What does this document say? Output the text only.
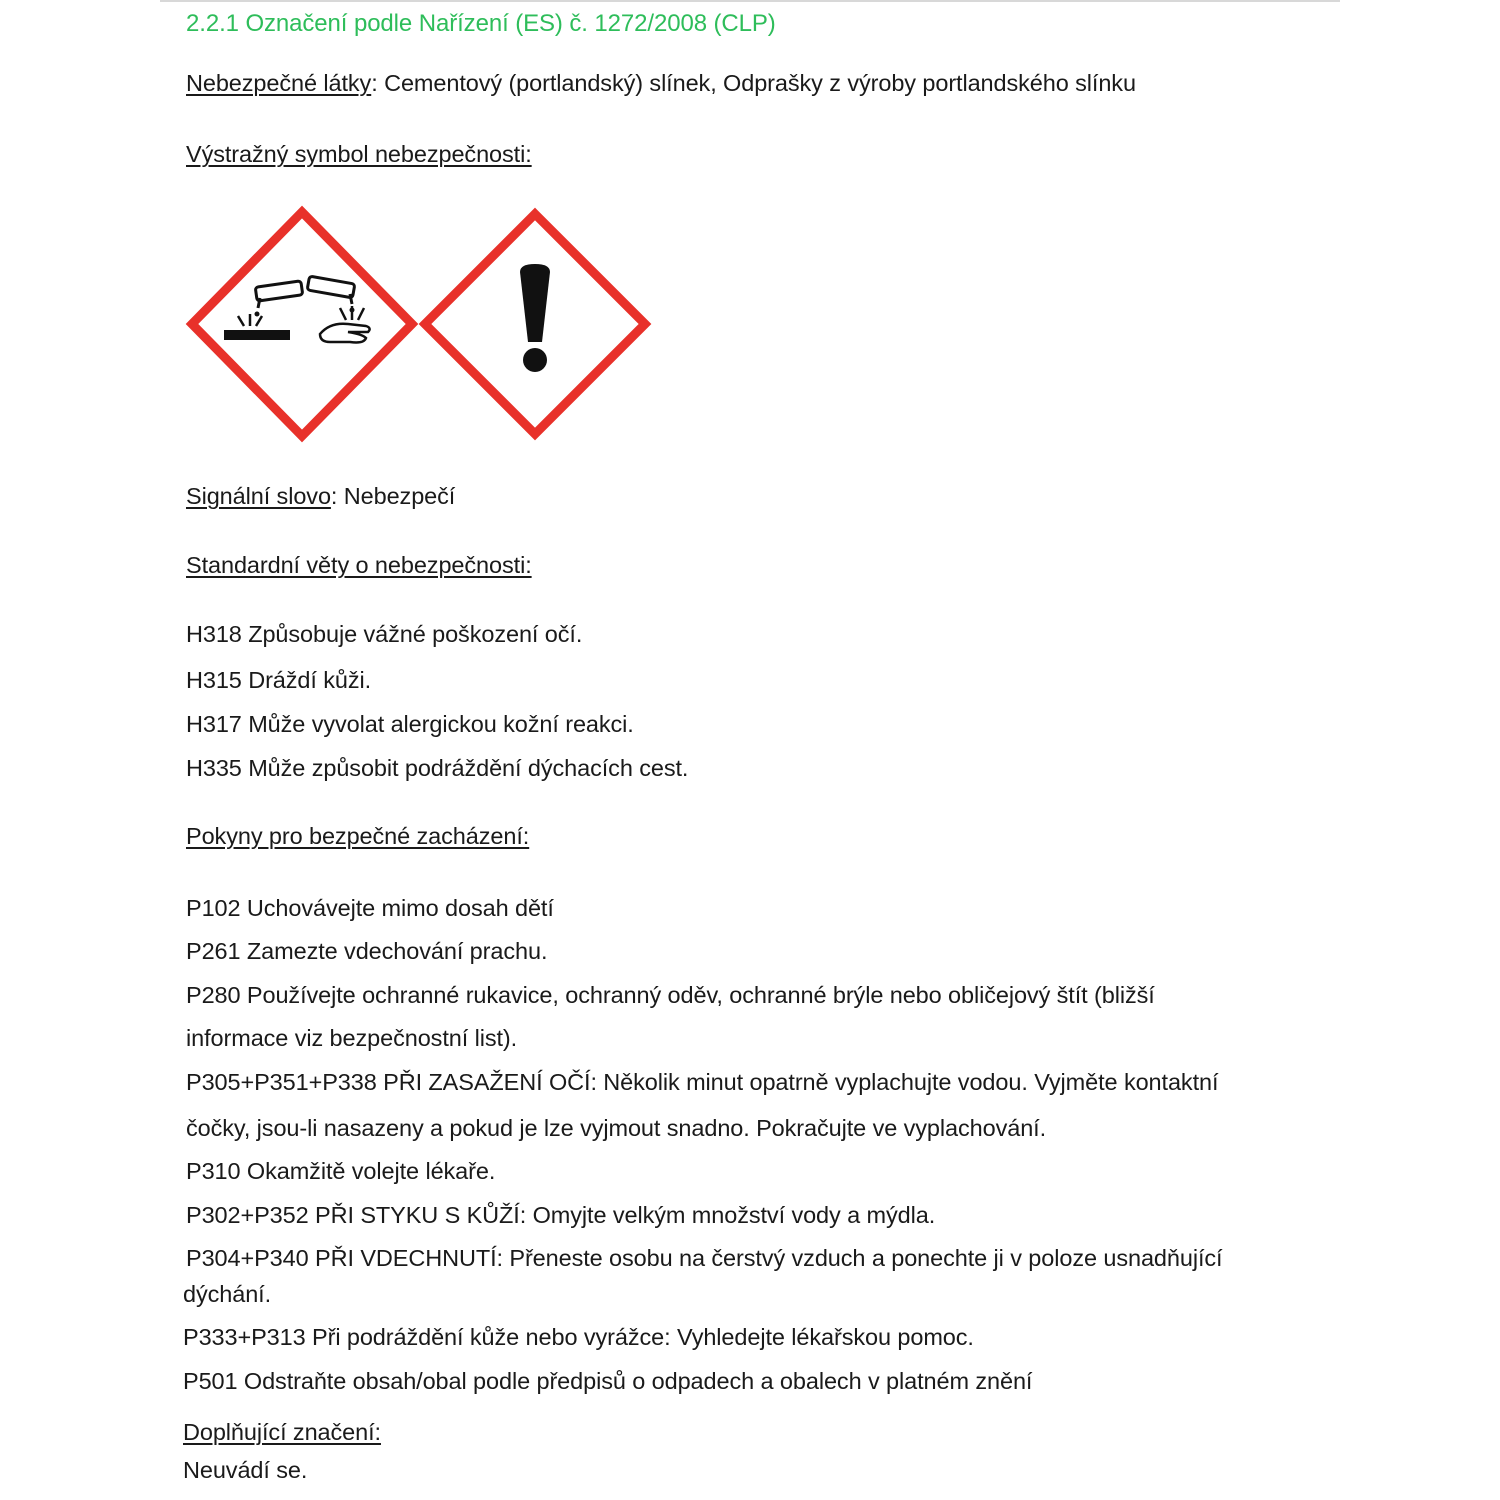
2.2.1 Označení podle Nařízení (ES) č. 1272/2008 (CLP)
Nebezpečné látky: Cementový (portlandský) slínek, Odprašky z výroby portlandského slínku
Výstražný symbol nebezpečnosti:
Signální slovo: Nebezpečí
Standardní věty o nebezpečnosti:
H318 Způsobuje vážné poškození očí.
H315 Dráždí kůži.
H317 Může vyvolat alergickou kožní reakci.
H335 Může způsobit podráždění dýchacích cest.
Pokyny pro bezpečné zacházení:
P102 Uchovávejte mimo dosah dětí
P261 Zamezte vdechování prachu.
P280 Používejte ochranné rukavice, ochranný oděv, ochranné brýle nebo obličejový štít (bližší
informace viz bezpečnostní list).
P305+P351+P338 PŘI ZASAŽENÍ OČÍ: Několik minut opatrně vyplachujte vodou. Vyjměte kontaktní
čočky, jsou-li nasazeny a pokud je lze vyjmout snadno. Pokračujte ve vyplachování.
P310 Okamžitě volejte lékaře.
P302+P352 PŘI STYKU S KŮŽÍ: Omyjte velkým množství vody a mýdla.
P304+P340 PŘI VDECHNUTÍ: Přeneste osobu na čerstvý vzduch a ponechte ji v poloze usnadňující
dýchání.
P333+P313 Při podráždění kůže nebo vyrážce: Vyhledejte lékařskou pomoc.
P501 Odstraňte obsah/obal podle předpisů o odpadech a obalech v platném znění
Doplňující značení:
Neuvádí se.
